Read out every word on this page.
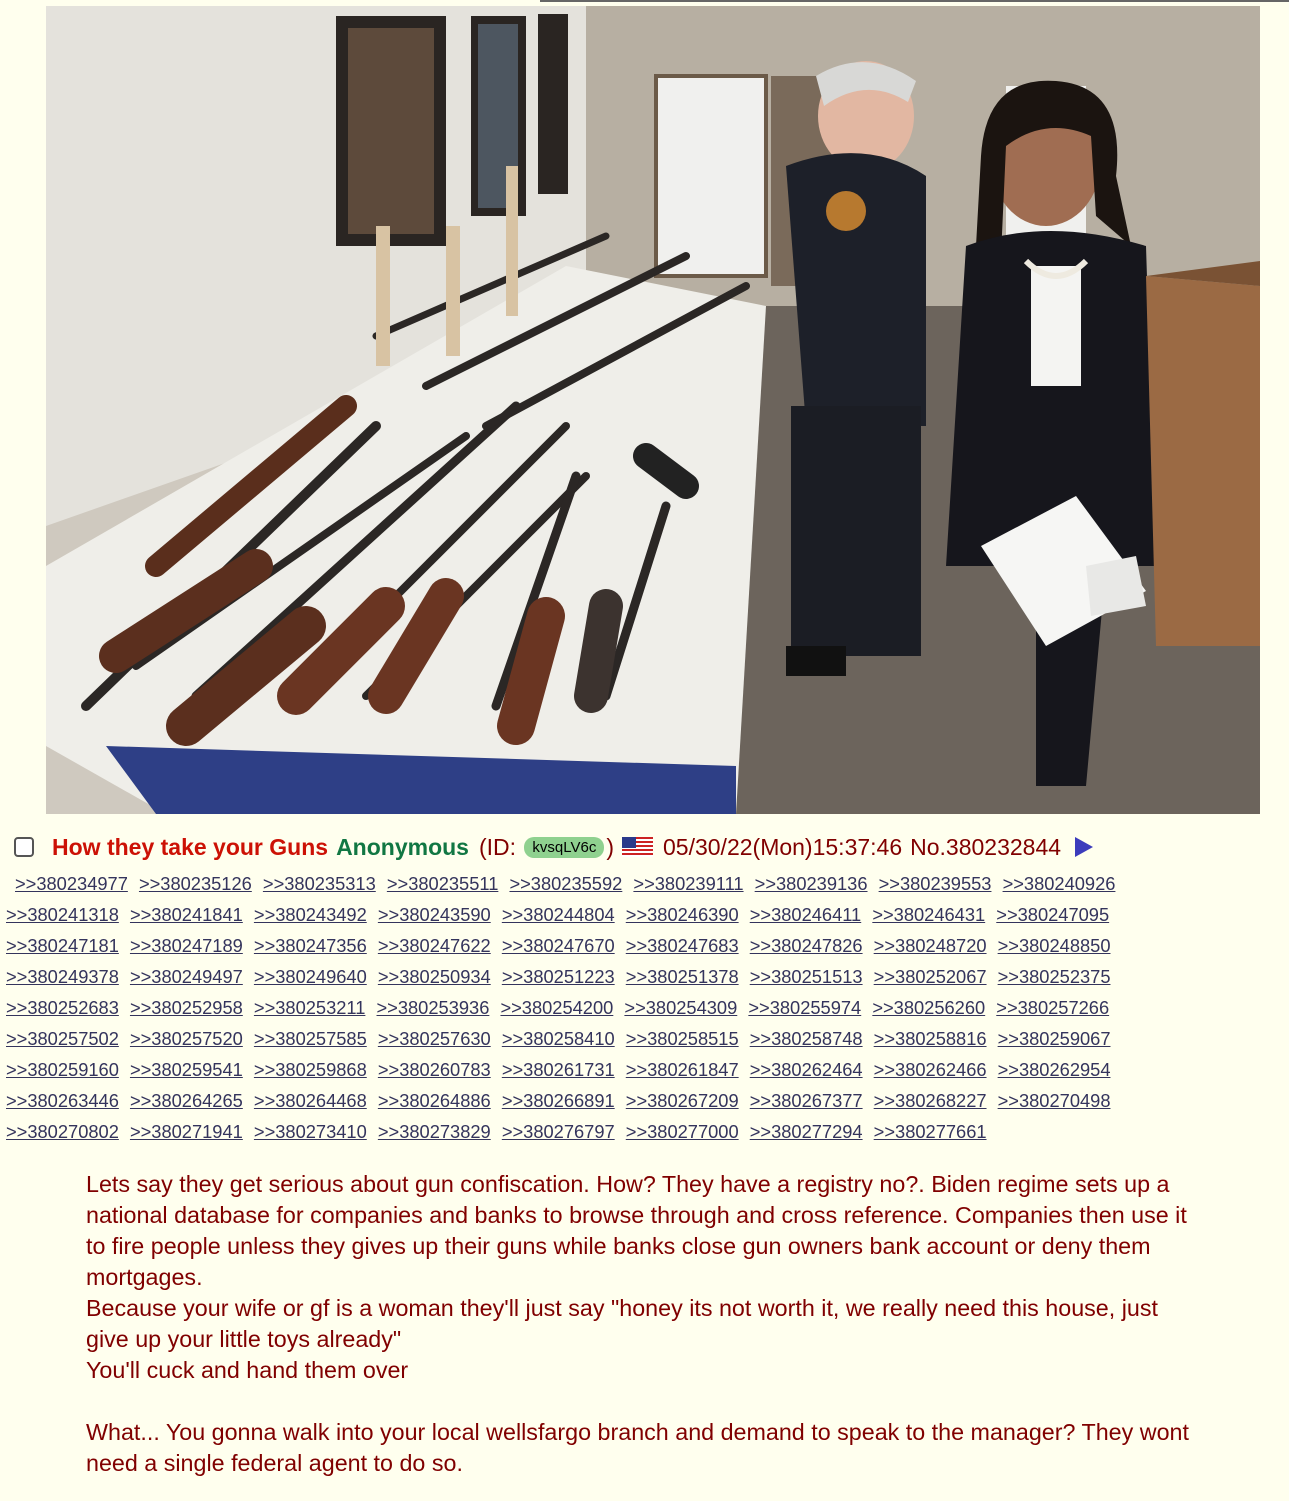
How they take your Guns Anonymous (ID: kvsqLV6c ) 05/30/22(Mon)15:37:46 No.380232844
>>380234977 >>380235126 >>380235313 >>380235511 >>380235592 >>380239111 >>380239136 >>380239553 >>380240926
>>380241318 >>380241841 >>380243492 >>380243590 >>380244804 >>380246390 >>380246411 >>380246431 >>380247095
>>380247181 >>380247189 >>380247356 >>380247622 >>380247670 >>380247683 >>380247826 >>380248720 >>380248850
>>380249378 >>380249497 >>380249640 >>380250934 >>380251223 >>380251378 >>380251513 >>380252067 >>380252375
>>380252683 >>380252958 >>380253211 >>380253936 >>380254200 >>380254309 >>380255974 >>380256260 >>380257266
>>380257502 >>380257520 >>380257585 >>380257630 >>380258410 >>380258515 >>380258748 >>380258816 >>380259067
>>380259160 >>380259541 >>380259868 >>380260783 >>380261731 >>380261847 >>380262464 >>380262466 >>380262954
>>380263446 >>380264265 >>380264468 >>380264886 >>380266891 >>380267209 >>380267377 >>380268227 >>380270498
>>380270802 >>380271941 >>380273410 >>380273829 >>380276797 >>380277000 >>380277294 >>380277661

Lets say they get serious about gun confiscation. How? They have a registry no?. Biden regime sets up a national database for companies and banks to browse through and cross reference. Companies then use it to fire people unless they gives up their guns while banks close gun owners bank account or deny them mortgages.

Because your wife or gf is a woman they'll just say "honey its not worth it, we really need this house, just give up your little toys already"

You'll cuck and hand them over

What... You gonna walk into your local wellsfargo branch and demand to speak to the manager? They wont need a single federal agent to do so.
